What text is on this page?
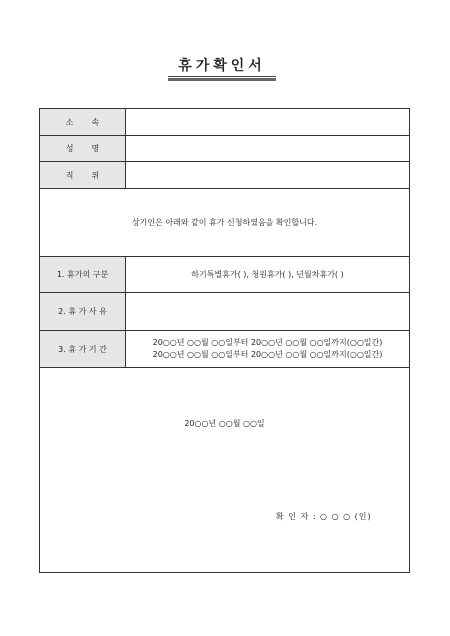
휴가확인서
소속
성명
직위
상기인은 아래와 같이 휴가 신청하였음을 확인합니다.
1. 휴가의 구분	하기특별휴가( ), 청원휴가( ), 년월차휴가( )
2. 휴 가 사 유
3. 휴 가 기 간
20○○년 ○○월 ○○일부터 20○○년 ○○월 ○○일까지(○○일간)
20○○년 ○○월 ○○일부터 20○○년 ○○월 ○○일까지(○○일간)
20○○년 ○○월 ○○일
확 인 자 : ○ ○ ○ (인)
